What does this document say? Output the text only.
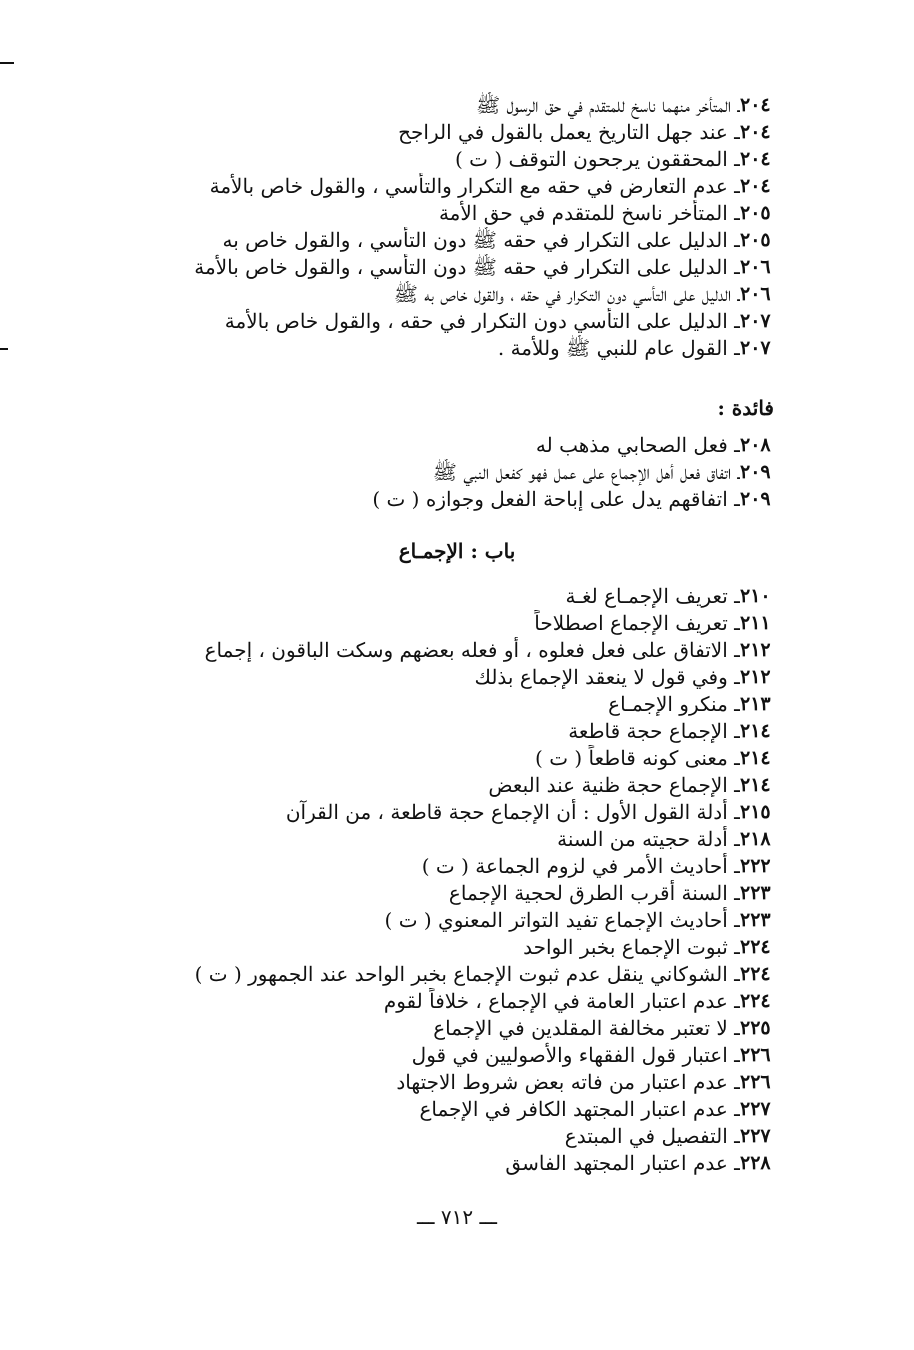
ـ المتأخر منهما ناسخ للمتقدم في حق الرسول ﷺ ٢٠٤
ـ عند جهل التاريخ يعمل بالقول في الراجح ٢٠٤
ـ المحققون يرجحون التوقف ( ت ) ٢٠٤
ـ عدم التعارض في حقه مع التكرار والتأسي ، والقول خاص بالأمة ٢٠٤
ـ المتأخر ناسخ للمتقدم في حق الأمة ٢٠٥
ـ الدليل على التكرار في حقه ﷺ دون التأسي ، والقول خاص به ٢٠٥
ـ الدليل على التكرار في حقه ﷺ دون التأسي ، والقول خاص بالأمة ٢٠٦
ـ الدليل على التأسي دون التكرار في حقه ، والقول خاص به ﷺ ٢٠٦
ـ الدليل على التأسي دون التكرار في حقه ، والقول خاص بالأمة ٢٠٧
ـ القول عام للنبي ﷺ وللأمة . ٢٠٧
فائدة :
ـ فعل الصحابي مذهب له ٢٠٨
ـ اتفاق فعل أهل الإجماع على عمل فهو كفعل النبي ﷺ ٢٠٩
ـ اتفاقهم يدل على إباحة الفعل وجوازه ( ت ) ٢٠٩
باب : الإجمـاع
ـ تعريف الإجمـاع لغـة ٢١٠
ـ تعريف الإجماع اصطلاحاً ٢١١
ـ الاتفاق على فعل فعلوه ، أو فعله بعضهم وسكت الباقون ، إجماع ٢١٢
ـ وفي قول لا ينعقد الإجماع بذلك ٢١٢
ـ منكرو الإجمـاع ٢١٣
ـ الإجماع حجة قاطعة ٢١٤
ـ معنى كونه قاطعاً ( ت ) ٢١٤
ـ الإجماع حجة ظنية عند البعض ٢١٤
ـ أدلة القول الأول : أن الإجماع حجة قاطعة ، من القرآن ٢١٥
ـ أدلة حجيته من السنة ٢١٨
ـ أحاديث الأمر في لزوم الجماعة ( ت ) ٢٢٢
ـ السنة أقرب الطرق لحجية الإجماع ٢٢٣
ـ أحاديث الإجماع تفيد التواتر المعنوي ( ت ) ٢٢٣
ـ ثبوت الإجماع بخبر الواحد ٢٢٤
ـ الشوكاني ينقل عدم ثبوت الإجماع بخبر الواحد عند الجمهور ( ت ) ٢٢٤
ـ عدم اعتبار العامة في الإجماع ، خلافاً لقوم ٢٢٤
ـ لا تعتبر مخالفة المقلدين في الإجماع ٢٢٥
ـ اعتبار قول الفقهاء والأصوليين في قول ٢٢٦
ـ عدم اعتبار من فاته بعض شروط الاجتهاد ٢٢٦
ـ عدم اعتبار المجتهد الكافر في الإجماع ٢٢٧
ـ التفصيل في المبتدع ٢٢٧
ـ عدم اعتبار المجتهد الفاسق ٢٢٨
ـــ ٧١٢ ـــ
